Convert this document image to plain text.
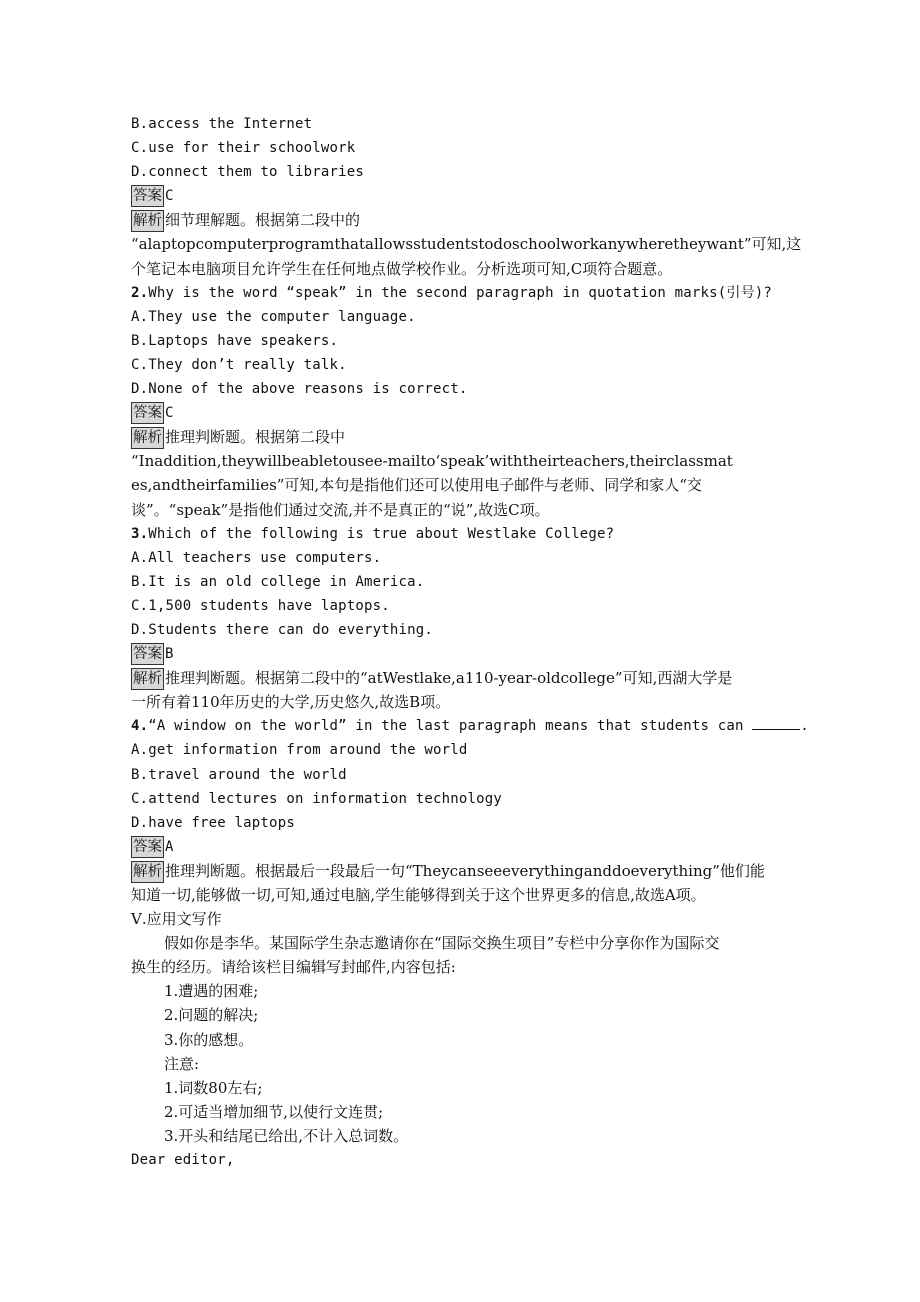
B.access the Internet
C.use for their schoolwork
D.connect them to libraries
答案 C
解析 细节理解题。根据第二段中的
“alaptopcomputerprogramthatallowsstudentstodoschoolworkanywheretheywant”可知,这
个笔记本电脑项目允许学生在任何地点做学校作业。分析选项可知,C项符合题意。
2.Why is the word “speak” in the second paragraph in quotation marks(引号)?
A.They use the computer language.
B.Laptops have speakers.
C.They don’t really talk.
D.None of the above reasons is correct.
答案 C
解析 推理判断题。根据第二段中
“Inaddition,theywillbeabletousee-mailto‘speak’withtheirteachers,theirclassmat
es,andtheirfamilies”可知,本句是指他们还可以使用电子邮件与老师、同学和家人“交
谈”。“speak”是指他们通过交流,并不是真正的“说”,故选C项。
3.Which of the following is true about Westlake College?
A.All teachers use computers.
B.It is an old college in America.
C.1,500 students have laptops.
D.Students there can do everything.
答案 B
解析 推理判断题。根据第二段中的“atWestlake,a110-year-oldcollege”可知,西湖大学是
一所有着110年历史的大学,历史悠久,故选B项。
4.“A window on the world” in the last paragraph means that students can	.
A.get information from around the world
B.travel around the world
C.attend lectures on information technology
D.have free laptops
答案 A
解析 推理判断题。根据最后一段最后一句“Theycanseeeverythinganddoeverything”他们能
知道一切,能够做一切,可知,通过电脑,学生能够得到关于这个世界更多的信息,故选A项。
Ⅴ.应用文写作
假如你是李华。某国际学生杂志邀请你在“国际交换生项目”专栏中分享你作为国际交
换生的经历。请给该栏目编辑写封邮件,内容包括:
1.遭遇的困难;
2.问题的解决;
3.你的感想。
注意:
1.词数80左右;
2.可适当增加细节,以使行文连贯;
3.开头和结尾已给出,不计入总词数。
Dear editor,
